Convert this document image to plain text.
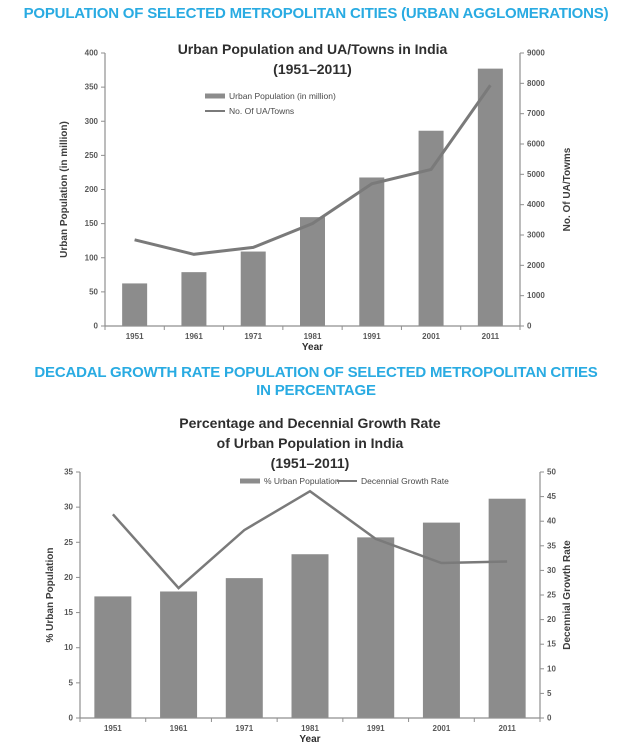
POPULATION OF SELECTED METROPOLITAN CITIES (URBAN AGGLOMERATIONS)
Urban Population and UA/Towns in India
(1951–2011)
0
50
100
150
200
250
300
350
400
0
1000
2000
3000
4000
5000
6000
7000
8000
9000
1951	1961	1971	1981	1991	2001	2011
Urban Population (in million)	No. Of UA/Towms
Year
Urban Population (in million)
No. Of UA/Towns
DECADAL GROWTH RATE POPULATION OF SELECTED METROPOLITAN CITIES
IN PERCENTAGE
Percentage and Decennial Growth Rate
of Urban Population in India
(1951–2011)
0
5
10
15
20
25
30
35
0
5
10
15
20
25
30
35
40
45
50
1951	1961	1971	1981	1991	2001	2011
% Urban Population	Decennial Growth Rate
Year
% Urban Population	Decennial Growth Rate
